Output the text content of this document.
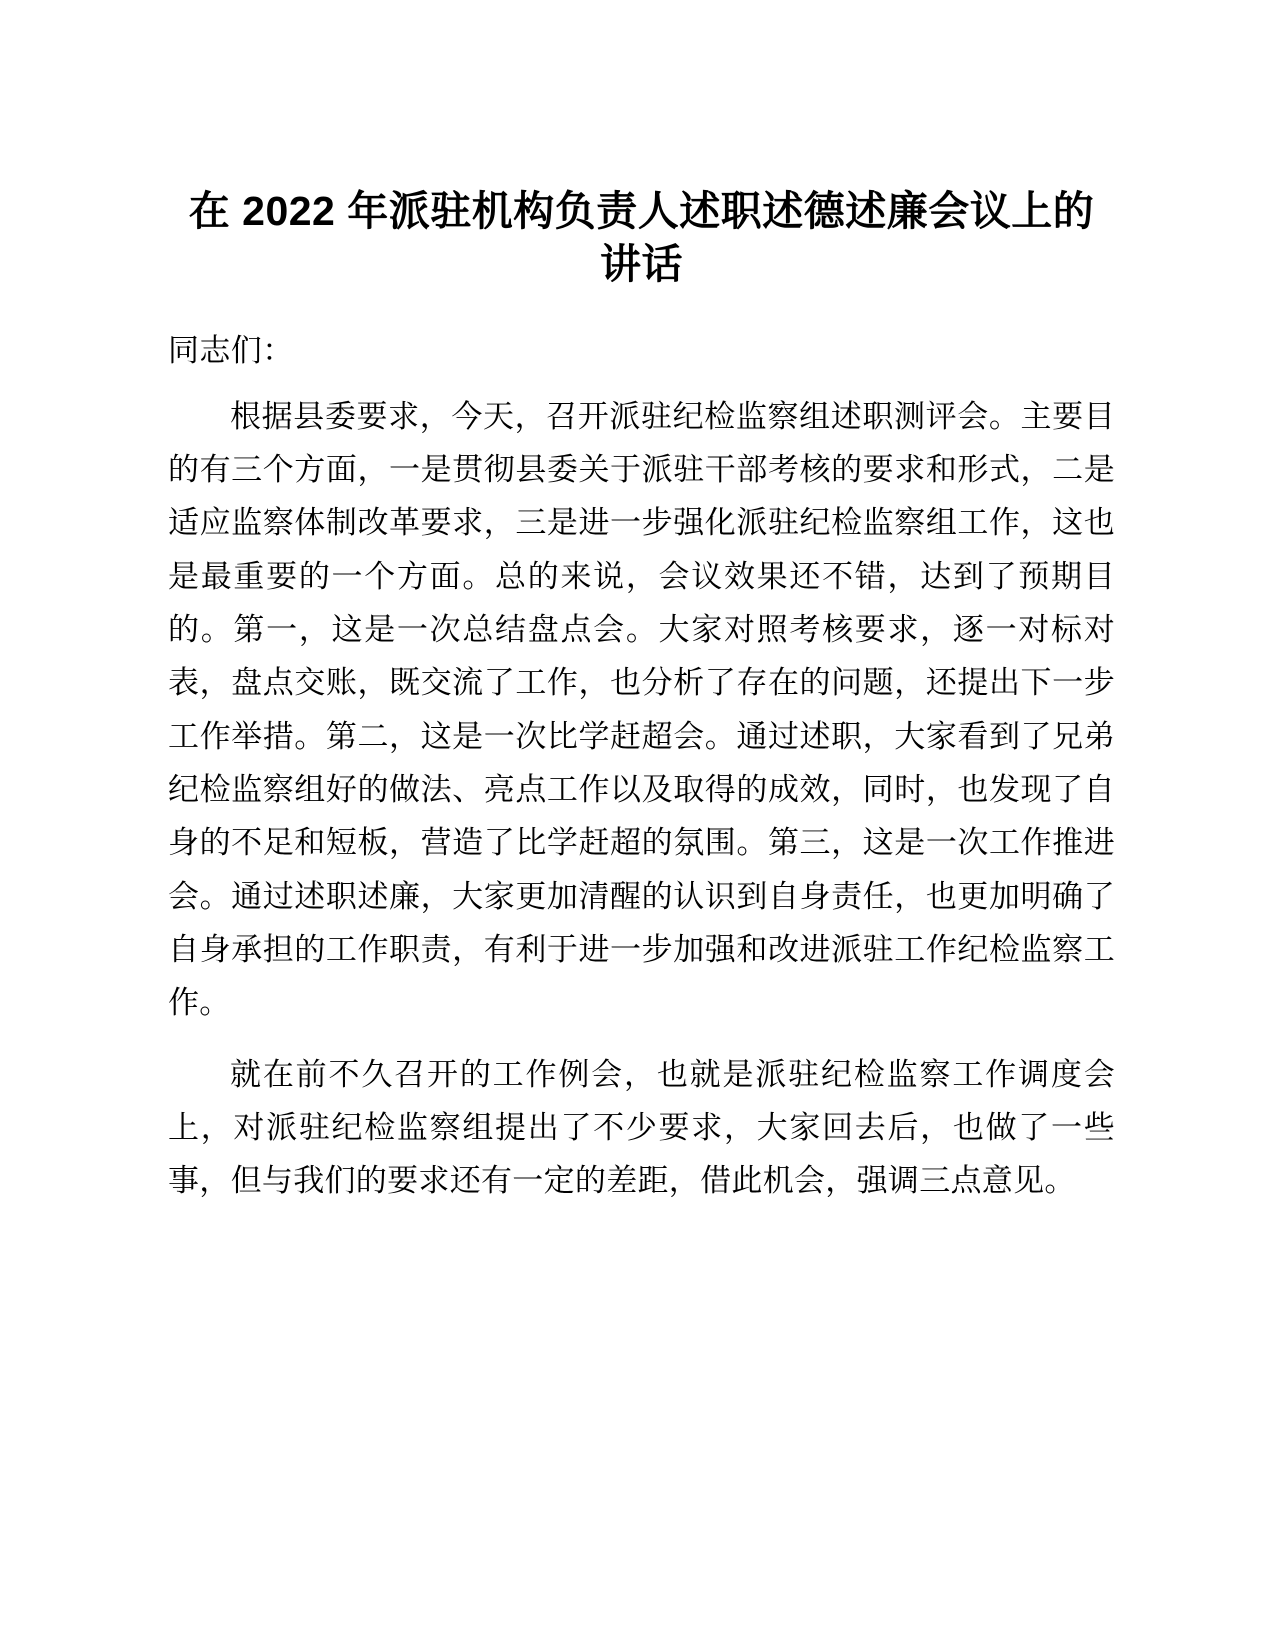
在 2022 年派驻机构负责人述职述德述廉会议上的讲话

同志们：

根据县委要求，今天，召开派驻纪检监察组述职测评会。主要目的有三个方面，一是贯彻县委关于派驻干部考核的要求和形式，二是适应监察体制改革要求，三是进一步强化派驻纪检监察组工作，这也是最重要的一个方面。总的来说，会议效果还不错，达到了预期目的。第一，这是一次总结盘点会。大家对照考核要求，逐一对标对表，盘点交账，既交流了工作，也分析了存在的问题，还提出下一步工作举措。第二，这是一次比学赶超会。通过述职，大家看到了兄弟纪检监察组好的做法、亮点工作以及取得的成效，同时，也发现了自身的不足和短板，营造了比学赶超的氛围。第三，这是一次工作推进会。通过述职述廉，大家更加清醒的认识到自身责任，也更加明确了自身承担的工作职责，有利于进一步加强和改进派驻工作纪检监察工作。

就在前不久召开的工作例会，也就是派驻纪检监察工作调度会上，对派驻纪检监察组提出了不少要求，大家回去后，也做了一些事，但与我们的要求还有一定的差距，借此机会，强调三点意见。
